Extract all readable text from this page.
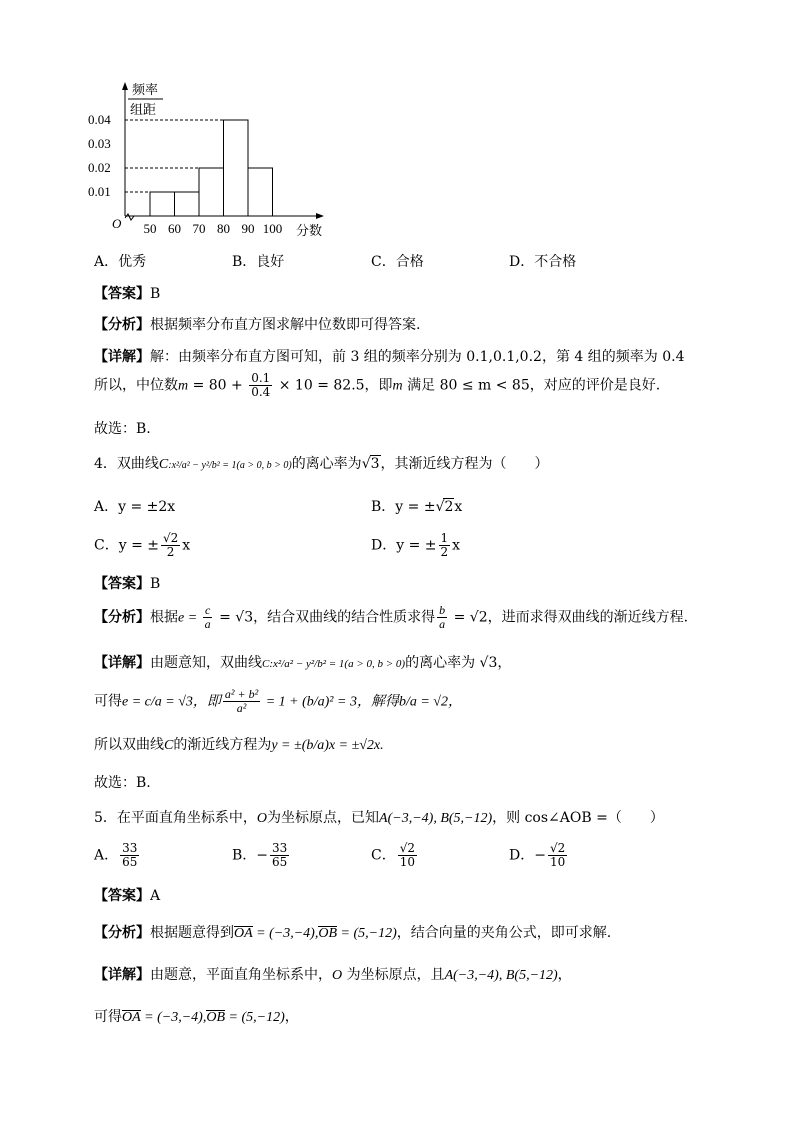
频率
组距
O	分数
0.01
0.02
0.03
0.04
50 60 70 80 90 100
A．优秀	B．良好	C．合格	D．不合格
【答案】B
【分析】根据频率分布直方图求解中位数即可得答案.
【详解】解：由频率分布直方图可知，前 3 组的频率分别为 0.1,0.1,0.2，第 4 组的频率为 0.4
所以，中位数$m = 80 + \frac{0.1}{0.4} \times 10 = 82.5$，即m 满足 80 ≤ m < 85，对应的评价是良好.
故选：B.
4．双曲线C:x²/a² − y²/b² = 1(a > 0, b > 0)的离心率为√3，其渐近线方程为（　　）
A．y = ±2x	B．y = ±√2x
C．y = ± $\frac{√2}{2}$ x	D．y = ± $\frac{1}{2}$ x
【答案】B
【分析】根据$e = \frac{c}{a} = √3$，结合双曲线的结合性质求得 $\frac{b}{a} = √2$，进而求得双曲线的渐近线方程.
【详解】由题意知，双曲线C:x²/a² − y²/b² = 1(a > 0, b > 0)的离心率为 √3，
可得e = c/a = √3，即 $\frac{\text{a² + b²}}{\text{a²}} = 1 + (b/a)^2 = 3$，解得b/a = √2，
所以双曲线C的渐近线方程为y = ±(b/a)x = ±√2x.
故选：B.
5．在平面直角坐标系中，O为坐标原点，已知A(−3,−4), B(5,−12)，则 cos∠AOB =（　　）
A． $\frac{33}{65}$	B．− $\frac{33}{65}$	C． $\frac{√2}{10}$	D．− $\frac{√2}{10}$
【答案】A
【分析】根据题意得到OA = (−3,−4),OB = (5,−12)，结合向量的夹角公式，即可求解.
【详解】由题意，平面直角坐标系中，O 为坐标原点，且A(−3,−4), B(5,−12)，
可得OA = (−3,−4),OB = (5,−12)，
